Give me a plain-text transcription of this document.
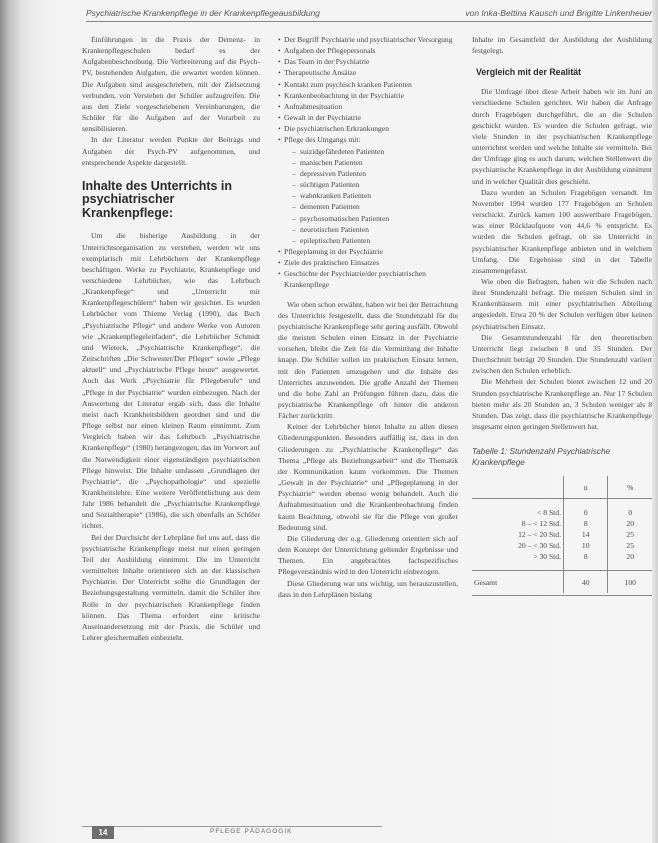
Psychiatrische Krankenpflege in der Krankenpflegeausbildung	von Inka-Bettina Kausch und Brigitte Linkenheuer

Einführungen in die Praxis der Demenz- in Krankenpflegeschulen bedarf es der Aufgabenbeschreibung. Die Verbreiterung auf die Psych-PV, bestehenden Aufgaben, die erwartet werden können. Die Aufgaben sind ausgeschrieben, mit der Zielsetzung verbunden, von Verstehen der Schüler aufzugreifen. Die aus den Ziele vorgeschriebenen Vereinbarungen, die Schüler für die Aufgaben auf der Vorarbeit zu sensibilisieren.

In der Literatur werden Punkte der Beitrags und Aufgaben der Psych-PV aufgenommen, und entsprechende Aspekte dargestellt.

Inhalte des Unterrichts in psychiatrischer Krankenpflege:

Um die bisherige Ausbildung in der Unterrichtsorganisation zu verstehen, werden wir uns exemplarisch mit Lehrbüchern der Krankenpflege beschäftigen. Werke zu Psychiatrie, Krankenpflege und verschiedene Lehrbücher, wie das Lehrbuch „Krankenpflege“ und „Unterricht mit Krankenpflegeschülern“ haben wir gesichtet. Es wurden Lehrbücher vom Thieme Verlag (1990), das Buch „Psychiatrische Pflege“ und andere Werke von Autoren wie „Krankenpflegeleitfaden“, die Lehrbücher Schmidt und Wieteck, „Psychiatrische Krankenpflege“, die Zeitschriften „Die Schwester/Der Pfleger“ sowie „Pflege aktuell“ und „Psychiatrische Pflege heute“ ausgewertet. Auch das Werk „Psychiatrie für Pflegeberufe“ und „Pflege in der Psychiatrie“ wurden einbezogen. Nach der Auswertung der Literatur ergab sich, dass die Inhalte meist nach Krankheitsbildern geordnet sind und die Pflege selbst nur einen kleinen Raum einnimmt. Zum Vergleich haben wir das Lehrbuch „Psychiatrische Krankenpflege“ (1980) herangezogen, das im Vorwort auf die Notwendigkeit einer eigenständigen psychiatrischen Pflege hinweist. Die Inhalte umfassen „Grundlagen der Psychiatrie“, die „Psychopathologie“ und spezielle Krankheitslehre. Eine weitere Veröffentlichung aus dem Jahr 1986 behandelt die „Psychiatrische Krankenpflege und Sozialtherapie“ (1986), die sich ebenfalls an Schüler richtet.

Bei der Durchsicht der Lehrpläne fiel uns auf, dass die psychiatrische Krankenpflege meist nur einen geringen Teil der Ausbildung einnimmt. Die im Unterricht vermittelten Inhalte orientieren sich an der klassischen Psychiatrie. Der Unterricht sollte die Grundlagen der Beziehungsgestaltung vermitteln, damit die Schüler ihre Rolle in der psychiatrischen Krankenpflege finden können. Das Thema erfordert eine kritische Auseinandersetzung mit der Praxis, die Schüler und Lehrer gleichermaßen einbezieht.

• Der Begriff Psychiatrie und psychiatrischer Versorgung
• Aufgaben der Pflegepersonals
• Das Team in der Psychiatrie
• Therapeutische Ansätze
• Kontakt zum psychisch kranken Patienten
• Krankenbeobachtung in der Psychiatrie
• Aufnahmesituation
• Gewalt in der Psychiatrie
• Die psychiatrischen Erkrankungen
• Pflege des Umgangs mit:
– suizidgefährdeten Patienten
– manischen Patienten
– depressiven Patienten
– süchtigen Patienten
– wahnkranken Patienten
– dementen Patienten
– psychosomatischen Patienten
– neurotischen Patienten
– epileptischen Patienten
• Pflegeplanung in der Psychiatrie
• Ziele des praktischen Einsatzes
• Geschichte der Psychiatrie/der psychiatrischen Krankenpflege

Wie oben schon erwähnt, haben wir bei der Betrachtung des Unterrichts festgestellt, dass die Stundenzahl für die psychiatrische Krankenpflege sehr gering ausfällt. Obwohl die meisten Schulen einen Einsatz in der Psychiatrie vorsehen, bleibt die Zeit für die Vermittlung der Inhalte knapp. Die Schüler sollen im praktischen Einsatz lernen, mit den Patienten umzugehen und die Inhalte des Unterrichts anzuwenden. Die große Anzahl der Themen und die hohe Zahl an Prüfungen führen dazu, dass die psychiatrische Krankenpflege oft hinter die anderen Fächer zurücktritt.

Keiner der Lehrbücher bietet Inhalte zu allen diesen Gliederungspunkten. Besonders auffällig ist, dass in den Gliederungen zu „Psychiatrische Krankenpflege“ das Thema „Pflege als Beziehungsarbeit“ und die Thematik der Kommunikation kaum vorkommen. Die Themen „Gewalt in der Psychiatrie“ und „Pflegeplanung in der Psychiatrie“ werden ebenso wenig behandelt. Auch die Aufnahmesituation und die Krankenbeobachtung finden kaum Beachtung, obwohl sie für die Pflege von großer Bedeutung sind.

Die Gliederung der o.g. Gliederung orientiert sich auf dem Konzept der Unterrichtung geltender Ergebnisse und Themen. Ein angebrachtes fachspezifisches Pflegeverständnis wird in den Unterricht einbezogen.

Diese Gliederung war uns wichtig, um herauszustellen, dass in den Lehrplänen bislang

Inhalte im Gesamtfeld der Ausbildung der Ausbildung festgelegt.

Vergleich mit der Realität

Die Umfrage über diese Arbeit haben wir im Juni an verschiedene Schulen gerichtet. Wir haben die Anfrage durch Fragebögen durchgeführt, die an die Schulen geschickt wurden. Es wurden die Schulen gefragt, wie viele Stunden in der psychiatrischen Krankenpflege unterrichtet werden und welche Inhalte sie vermitteln. Bei der Umfrage ging es auch darum, welchen Stellenwert die psychiatrische Krankenpflege in der Ausbildung einnimmt und in welcher Qualität dies geschieht.

Dazu wurden an Schulen Fragebögen versandt. Im November 1994 wurden 177 Fragebögen an Schulen verschickt. Zurück kamen 100 auswertbare Fragebögen, was einer Rücklaufquote von 44,6 % entspricht. Es wurden die Schulen gefragt, ob sie Unterricht in psychiatrischer Krankenpflege anbieten und in welchem Umfang. Die Ergebnisse sind in der Tabelle zusammengefasst.

Wie oben die Befragten, haben wir die Schulen nach ihrer Stundenzahl befragt. Die meisten Schulen sind in Krankenhäusern mit einer psychiatrischen Abteilung angesiedelt. Etwa 20 % der Schulen verfügen über keinen psychiatrischen Einsatz.

Die Gesamtstundenzahl für den theoretischen Unterricht liegt zwischen 8 und 35 Stunden. Der Durchschnitt beträgt 20 Stunden. Die Stundenzahl variiert zwischen den Schulen erheblich.

Die Mehrheit der Schulen bietet zwischen 12 und 20 Stunden psychiatrische Krankenpflege an. Nur 17 Schulen bieten mehr als 20 Stunden an, 3 Schulen weniger als 8 Stunden. Das zeigt, dass die psychiatrische Krankenpflege insgesamt einen geringen Stellenwert hat.

Tabelle 1: Stundenzahl Psychiatrische Krankenpflege
	n	%

< 8 Std.	0	0
8 – < 12 Std.	8	20
12 – < 20 Std.	14	25
20 – < 30 Std.	10	25
> 30 Std.	8	20

Gesamt	40	100
14	PFLEGE PÄDAGOGIK
